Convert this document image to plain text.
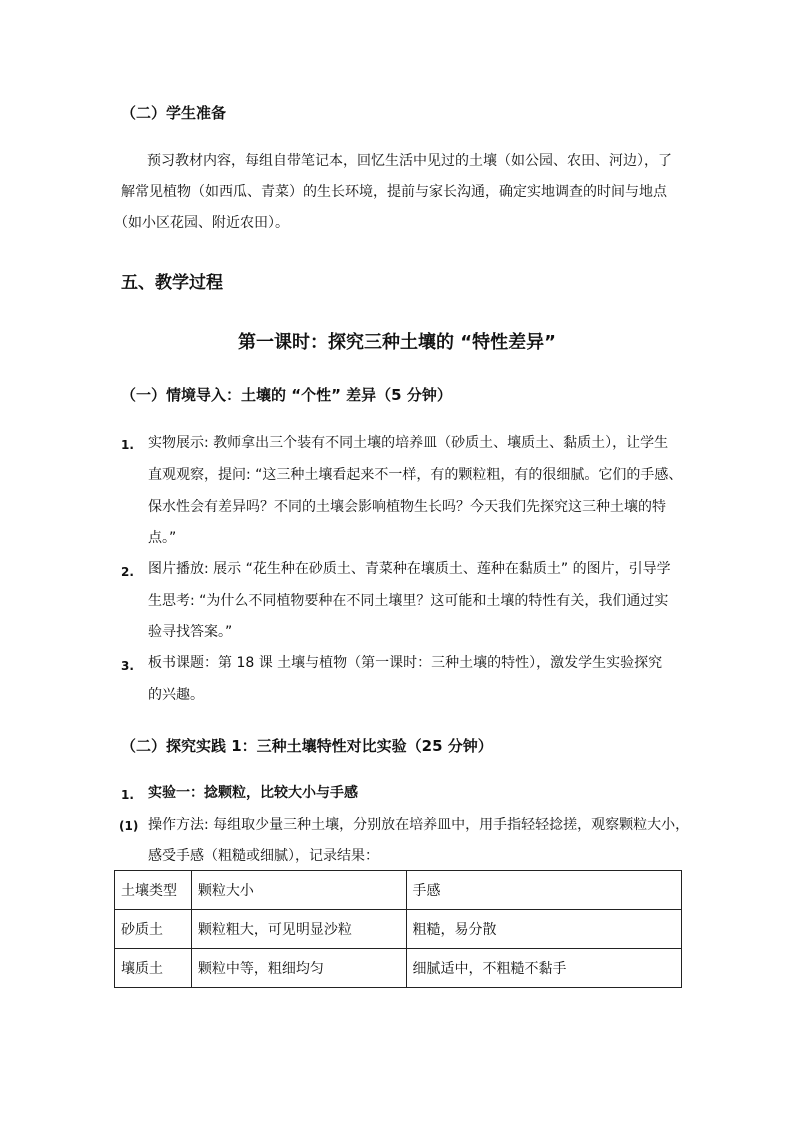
（二）学生准备
预习教材内容，每组自带笔记本，回忆生活中见过的土壤（如公园、农田、河边），了
解常见植物（如西瓜、青菜）的生长环境，提前与家长沟通，确定实地调查的时间与地点
（如小区花园、附近农田）。
五、教学过程
第一课时：探究三种土壤的 “特性差异”
（一）情境导入：土壤的 “个性” 差异（5 分钟）
1. 实物展示: 教师拿出三个装有不同土壤的培养皿（砂质土、壤质土、黏质土），让学生
直观观察，提问: “这三种土壤看起来不一样，有的颗粒粗，有的很细腻。它们的手感、
保水性会有差异吗？不同的土壤会影响植物生长吗？今天我们先探究这三种土壤的特
点。”
2. 图片播放: 展示 “花生种在砂质土、青菜种在壤质土、莲种在黏质土” 的图片，引导学
生思考: “为什么不同植物要种在不同土壤里？这可能和土壤的特性有关，我们通过实
验寻找答案。”
3. 板书课题：第 18 课 土壤与植物（第一课时：三种土壤的特性），激发学生实验探究
的兴趣。
（二）探究实践 1：三种土壤特性对比实验（25 分钟）
1. 实验一：捻颗粒，比较大小与手感
(1) 操作方法: 每组取少量三种土壤，分别放在培养皿中，用手指轻轻捻搓，观察颗粒大小，
感受手感（粗糙或细腻），记录结果：
土壤类型	颗粒大小	手感
砂质土	颗粒粗大，可见明显沙粒	粗糙，易分散
壤质土	颗粒中等，粗细均匀	细腻适中，不粗糙不黏手
